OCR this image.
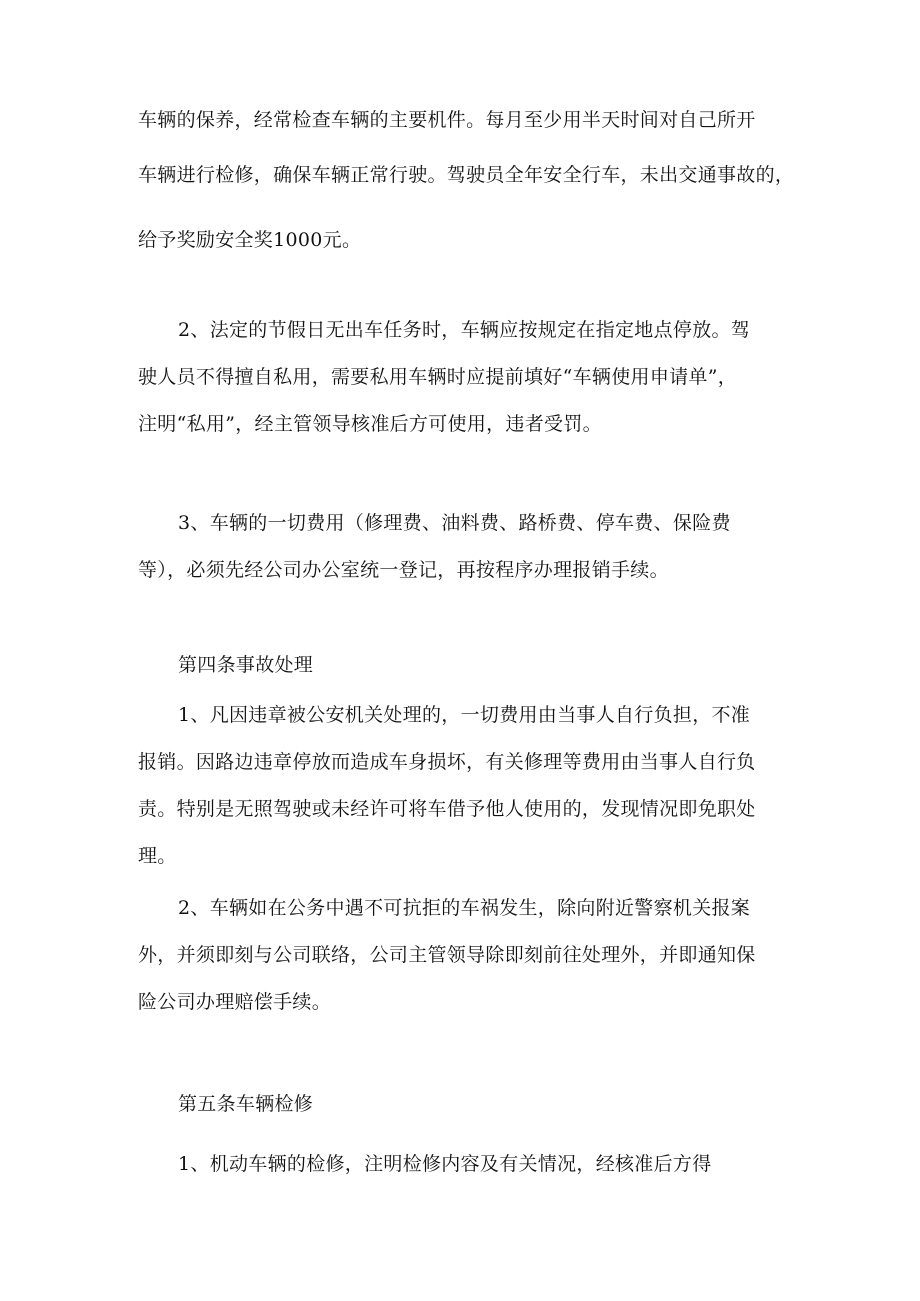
车辆的保养，经常检查车辆的主要机件。每月至少用半天时间对自己所开
车辆进行检修，确保车辆正常行驶。驾驶员全年安全行车，未出交通事故的，
给予奖励安全奖1000元。
2、法定的节假日无出车任务时，车辆应按规定在指定地点停放。驾
驶人员不得擅自私用，需要私用车辆时应提前填好“车辆使用申请单”，
注明“私用”，经主管领导核准后方可使用，违者受罚。
3、车辆的一切费用（修理费、油料费、路桥费、停车费、保险费
等），必须先经公司办公室统一登记，再按程序办理报销手续。
第四条事故处理
1、凡因违章被公安机关处理的，一切费用由当事人自行负担，不准
报销。因路边违章停放而造成车身损坏，有关修理等费用由当事人自行负
责。特别是无照驾驶或未经许可将车借予他人使用的，发现情况即免职处
理。
2、车辆如在公务中遇不可抗拒的车祸发生，除向附近警察机关报案
外，并须即刻与公司联络，公司主管领导除即刻前往处理外，并即通知保
险公司办理赔偿手续。
第五条车辆检修
1、机动车辆的检修，注明检修内容及有关情况，经核准后方得
